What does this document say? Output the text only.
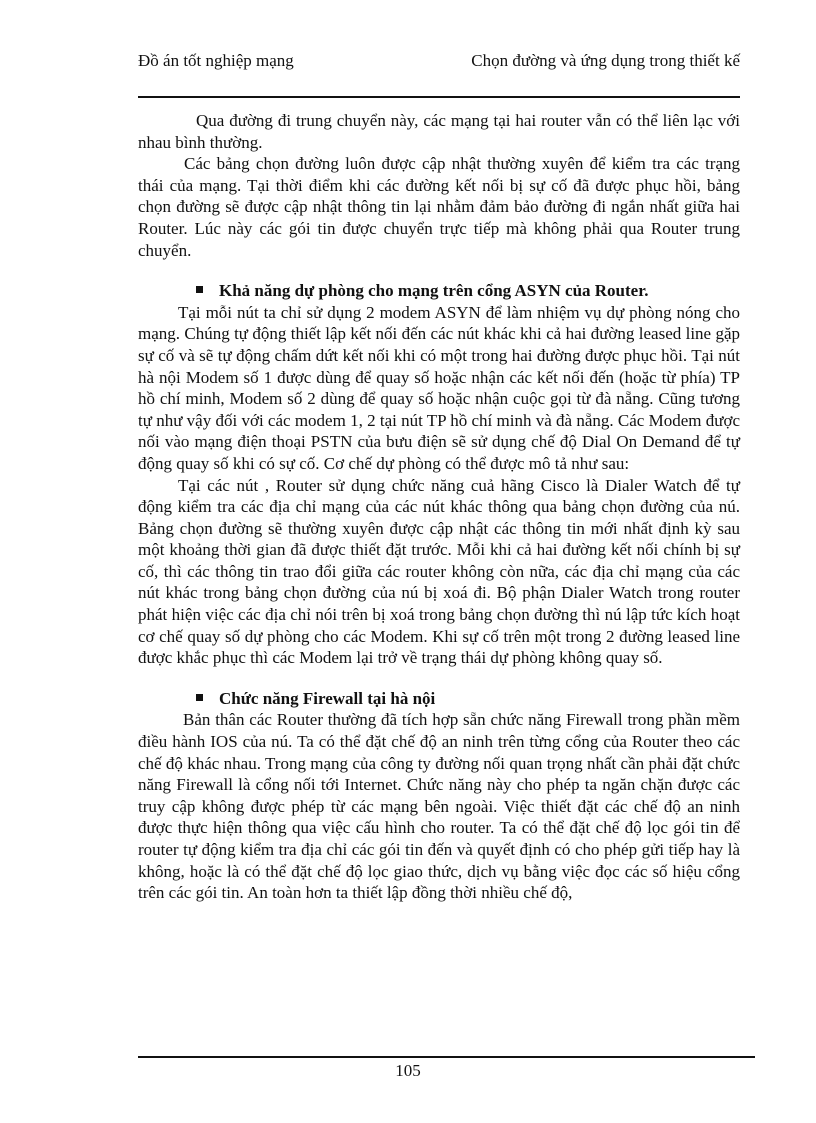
Đồ án tốt nghiệp mạng	Chọn đường và ứng dụng trong thiết kế

Qua đường đi trung chuyển này, các mạng tại hai router vẫn có thể liên lạc với nhau bình thường.

Các bảng chọn đường luôn được cập nhật thường xuyên để kiểm tra các trạng thái của mạng. Tại thời điểm khi các đường kết nối bị sự cố đã được phục hồi, bảng chọn đường sẽ được cập nhật thông tin lại nhằm đảm bảo đường đi ngắn nhất giữa hai Router. Lúc này các gói tin được chuyển trực tiếp mà không phải qua Router trung chuyển.

Khả năng dự phòng cho mạng trên cổng ASYN của Router.

Tại mỗi nút ta chỉ sử dụng 2 modem ASYN để làm nhiệm vụ dự phòng nóng cho mạng. Chúng tự động thiết lập kết nối đến các nút khác khi cả hai đường leased line gặp sự cố và sẽ tự động chấm dứt kết nối khi có một trong hai đường được phục hồi. Tại nút hà nội Modem số 1 được dùng để quay số hoặc nhận các kết nối đến (hoặc từ phía) TP hồ chí minh, Modem số 2 dùng để quay số hoặc nhận cuộc gọi từ đà nẵng. Cũng tương tự như vậy đối với các modem 1, 2 tại nút TP hồ chí minh và đà nẵng. Các Modem được nối vào mạng điện thoại PSTN của bưu điện sẽ sử dụng chế độ Dial On Demand để tự động quay số khi có sự cố. Cơ chế dự phòng có thể được mô tả như sau:

Tại các nút , Router sử dụng chức năng cuả hãng Cisco là Dialer Watch để tự động kiểm tra các địa chỉ mạng của các nút khác thông qua bảng chọn đường của nú. Bảng chọn đường sẽ thường xuyên được cập nhật các thông tin mới nhất định kỳ sau một khoảng thời gian đã được thiết đặt trước. Mỗi khi cả hai đường kết nối chính bị sự cố, thì các thông tin trao đổi giữa các router không còn nữa, các địa chỉ mạng của các nút khác trong bảng chọn đường của nú bị xoá đi. Bộ phận Dialer Watch trong router phát hiện việc các địa chỉ nói trên bị xoá trong bảng chọn đường thì nú lập tức kích hoạt cơ chế quay số dự phòng cho các Modem. Khi sự cố trên một trong 2 đường leased line được khắc phục thì các Modem lại trở về trạng thái dự phòng không quay số.

Chức năng Firewall tại hà nội

Bản thân các Router thường đã tích hợp sẵn chức năng Firewall trong phần mềm điều hành IOS của nú. Ta có thể đặt chế độ an ninh trên từng cổng của Router theo các chế độ khác nhau. Trong mạng của công ty đường nối quan trọng nhất cần phải đặt chức năng Firewall là cổng nối tới Internet. Chức năng này cho phép ta ngăn chặn được các truy cập không được phép từ các mạng bên ngoài. Việc thiết đặt các chế độ an ninh được thực hiện thông qua việc cấu hình cho router. Ta có thể đặt chế độ lọc gói tin để router tự động kiểm tra địa chỉ các gói tin đến và quyết định có cho phép gửi tiếp hay là không, hoặc là có thể đặt chế độ lọc giao thức, dịch vụ bằng việc đọc các số hiệu cổng trên các gói tin. An toàn hơn ta thiết lập đồng thời nhiều chế độ,

105
